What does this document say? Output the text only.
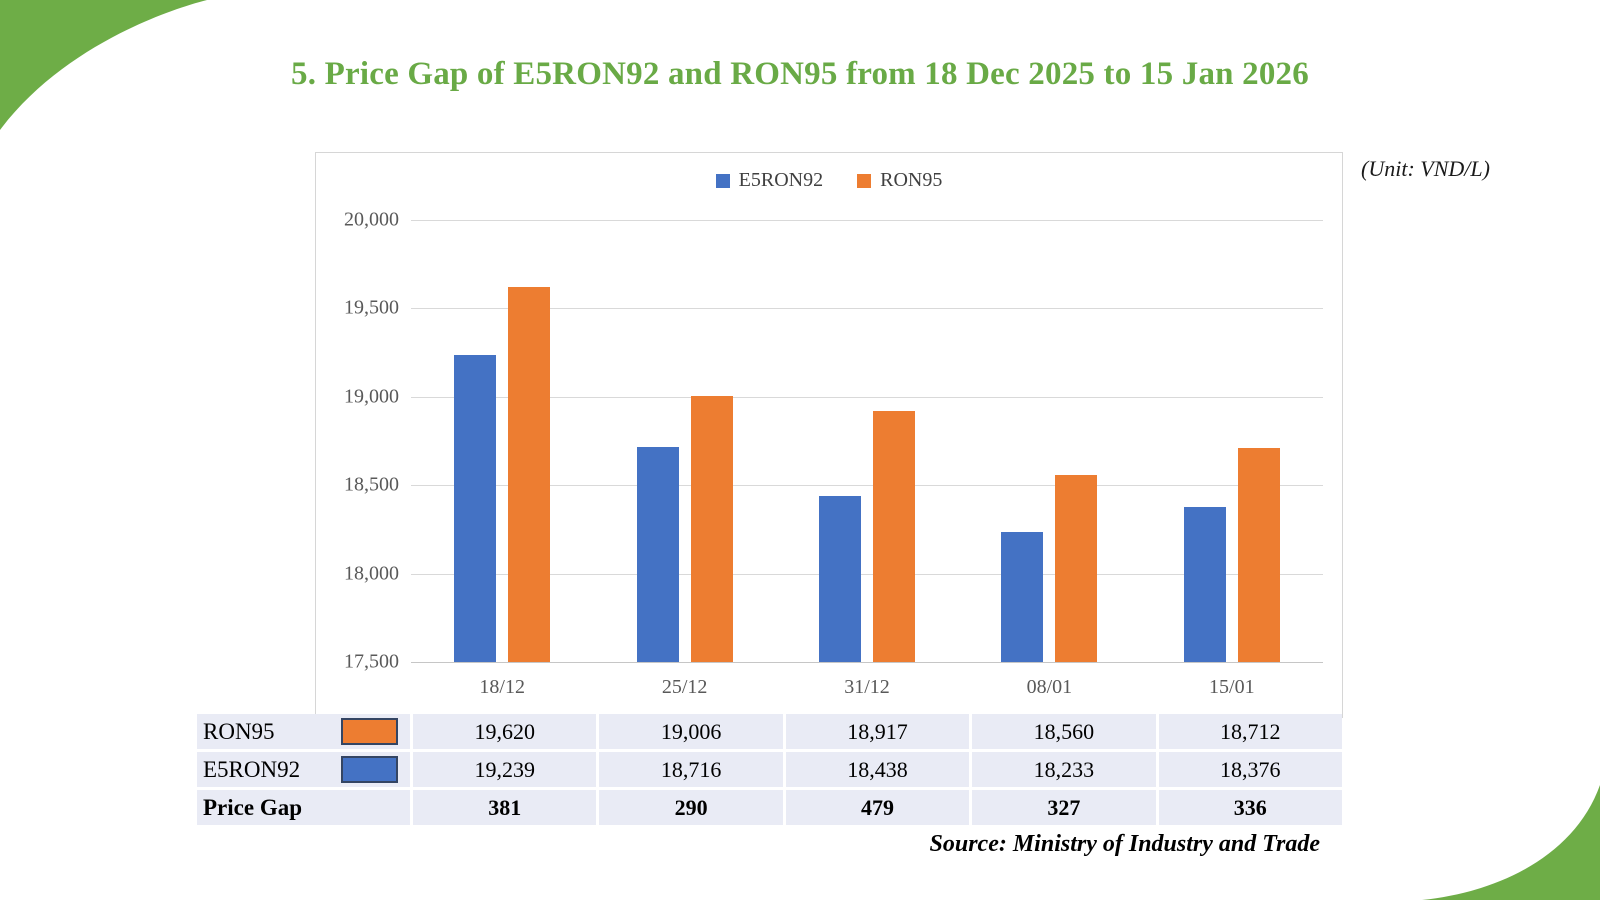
5. Price Gap of E5RON92 and RON95 from 18 Dec 2025 to 15 Jan 2026
(Unit: VND/L)
E5RON92	RON95
20,000
19,500
19,000
18,500
18,000
17,500
18/12	25/12	31/12	08/01	15/01
RON95	19,620	19,006	18,917	18,560	18,712
E5RON92	19,239	18,716	18,438	18,233	18,376
Price Gap	381	290	479	327	336
Source: Ministry of Industry and Trade
